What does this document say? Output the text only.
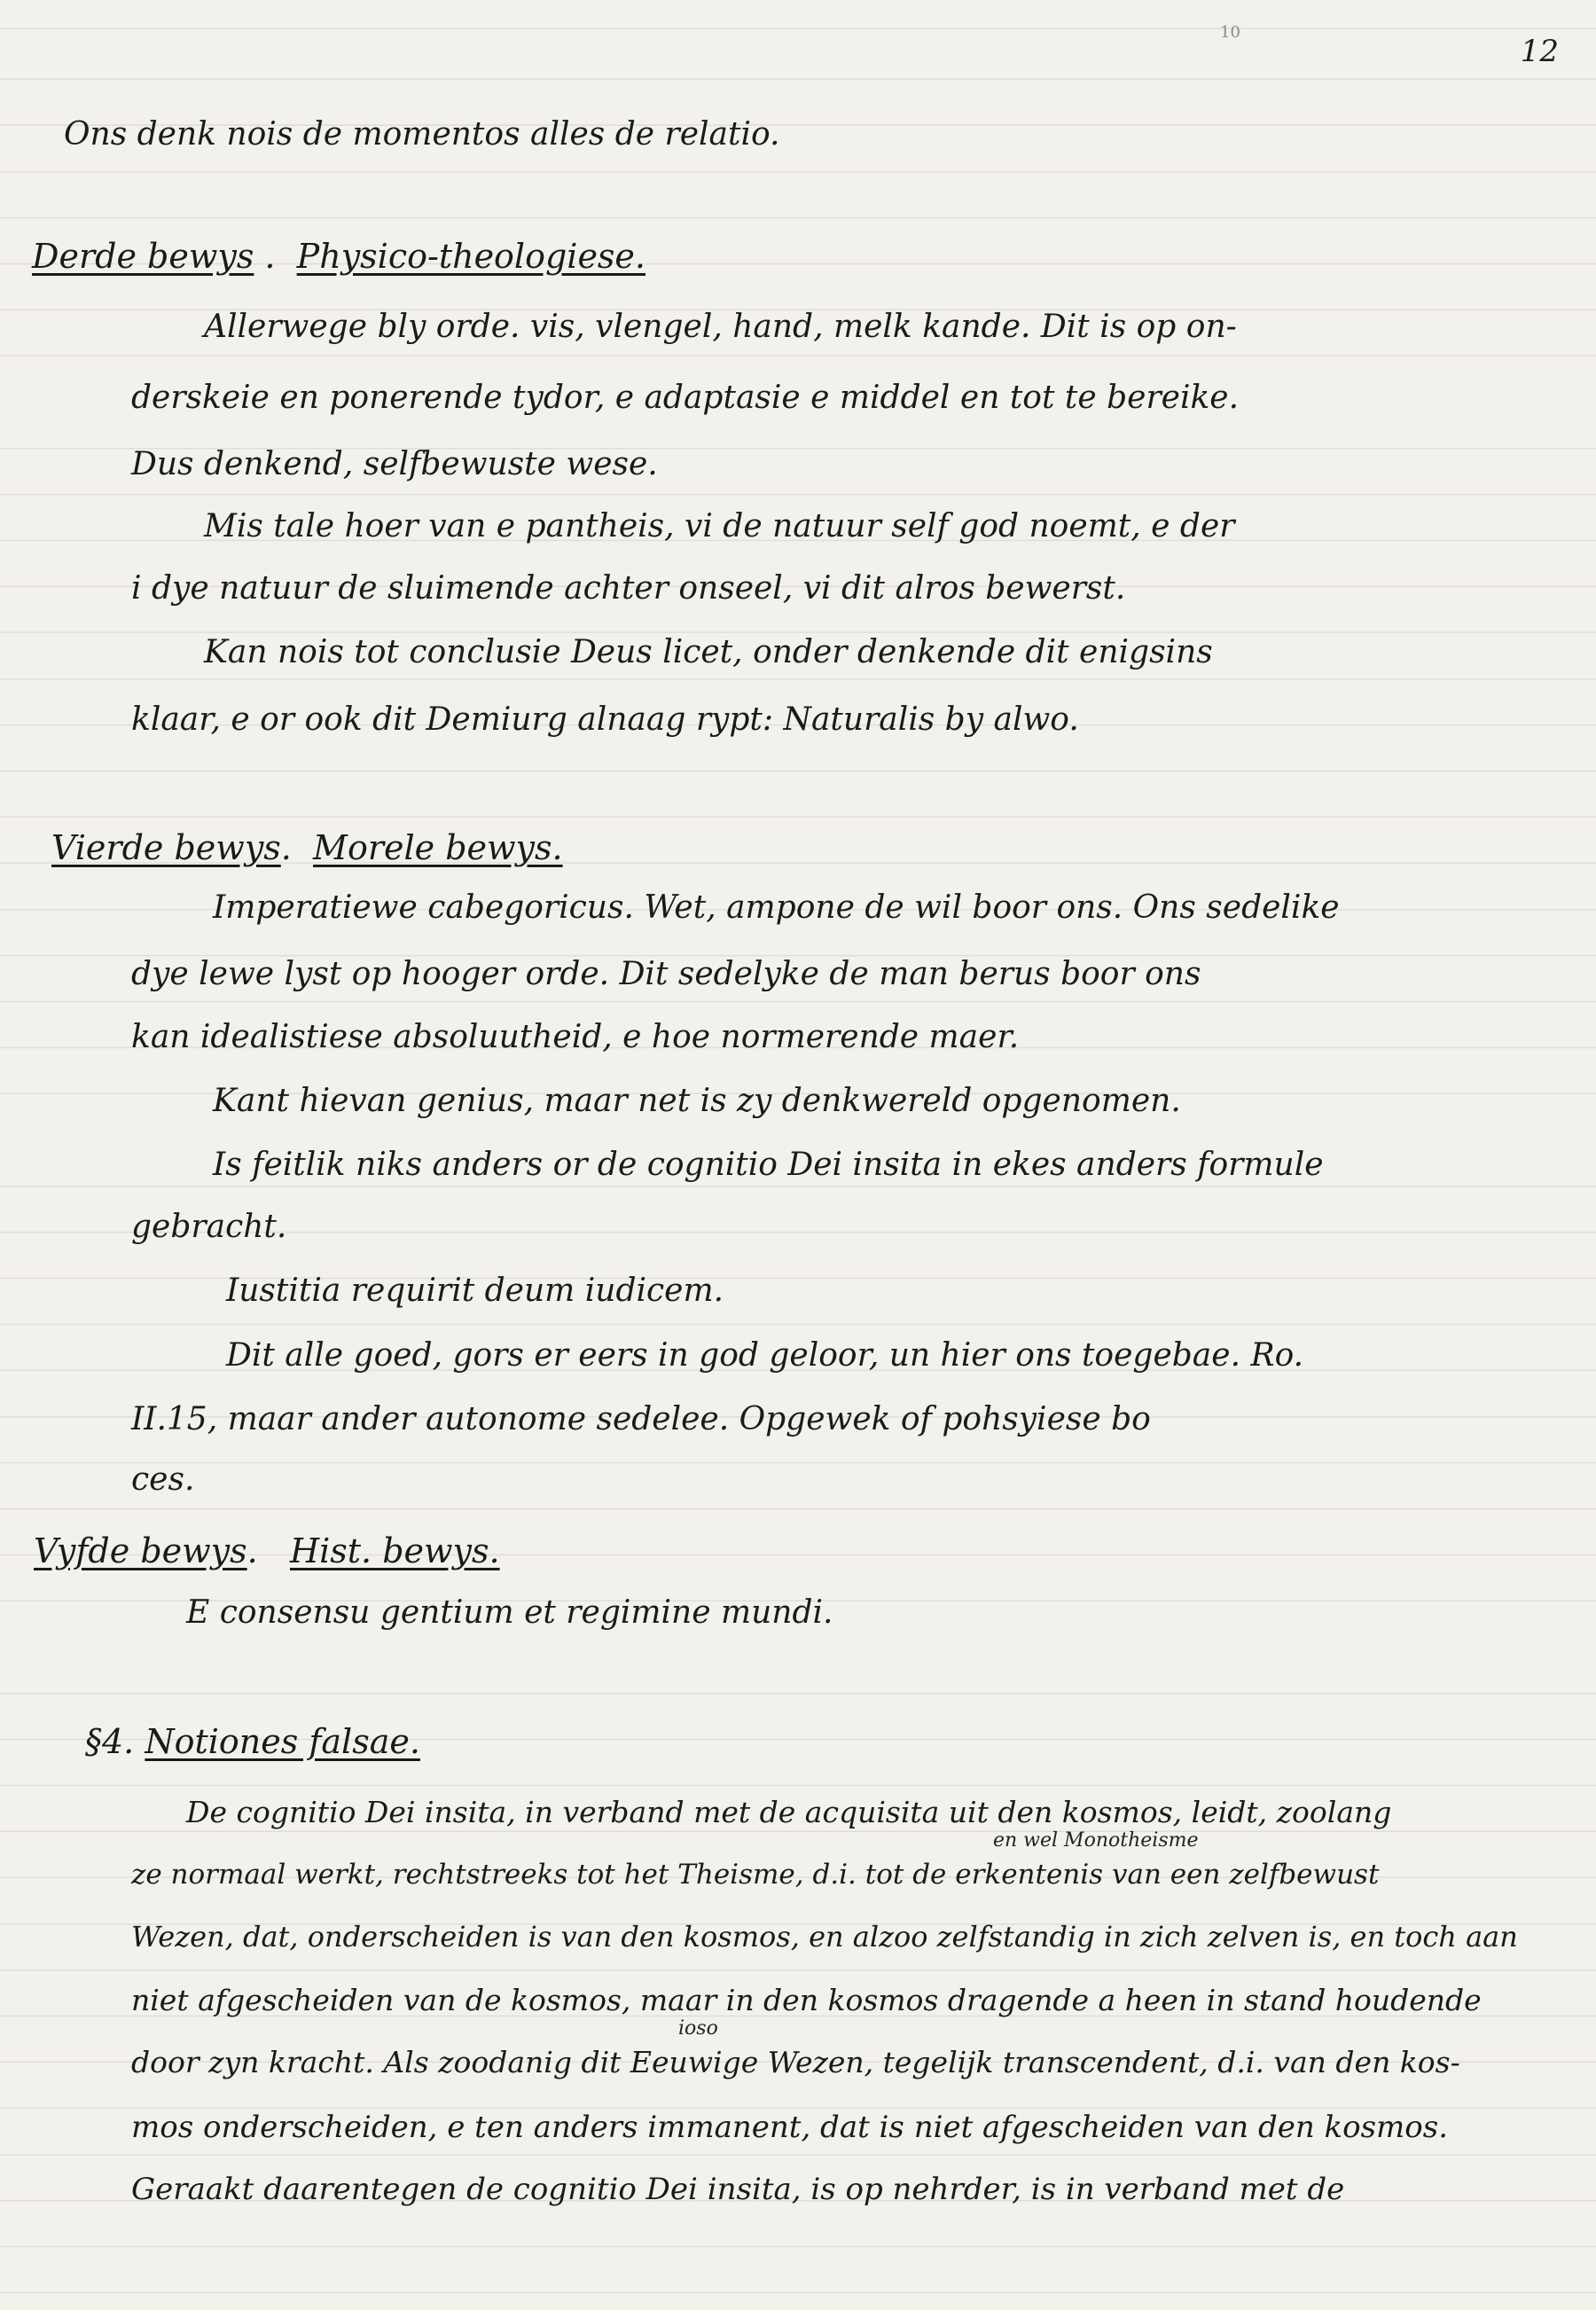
10

12

Ons denk nois de momentos alles de relatio.

Derde bewys .  Physico-theologiese.

Allerwege bly orde. vis, vlengel, hand, melk kande. Dit is op on-

derskeie en ponerende tydor, e adaptasie e middel en tot te bereike.

Dus denkend, selfbewuste wese.

Mis tale hoer van e pantheis, vi de natuur self god noemt, e der

i dye natuur de sluimende achter onseel, vi dit alros bewerst.

Kan nois tot conclusie Deus licet, onder denkende dit enigsins

klaar, e or ook dit Demiurg alnaag rypt: Naturalis by alwo.

Vierde bewys.  Morele bewys.

Imperatiewe cabegoricus. Wet, ampone de wil boor ons. Ons sedelike

dye lewe lyst op hooger orde. Dit sedelyke de man berus boor ons

kan idealistiese absoluutheid, e hoe normerende maer.

Kant hievan genius, maar net is zy denkwereld opgenomen.

Is feitlik niks anders or de cognitio Dei insita in ekes anders formule

gebracht.

Iustitia requirit deum iudicem.

Dit alle goed, gors er eers in god geloor, un hier ons toegebae. Ro.

II.15, maar ander autonome sedelee. Opgewek of pohsyiese bo

ces.

Vyfde bewys.   Hist. bewys.

E consensu gentium et regimine mundi.

§4. Notiones falsae.

De cognitio Dei insita, in verband met de acquisita uit den kosmos, leidt, zoolang

en wel Monotheisme

ze normaal werkt, rechtstreeks tot het Theisme, d.i. tot de erkentenis van een zelfbewust

Wezen, dat, onderscheiden is van den kosmos, en alzoo zelfstandig in zich zelven is, en toch aan

niet afgescheiden van de kosmos, maar in den kosmos dragende a heen in stand houdende

ioso

door zyn kracht. Als zoodanig dit Eeuwige Wezen, tegelijk transcendent, d.i. van den kos-

mos onderscheiden, e ten anders immanent, dat is niet afgescheiden van den kosmos.

Geraakt daarentegen de cognitio Dei insita, is op nehrder, is in verband met de
